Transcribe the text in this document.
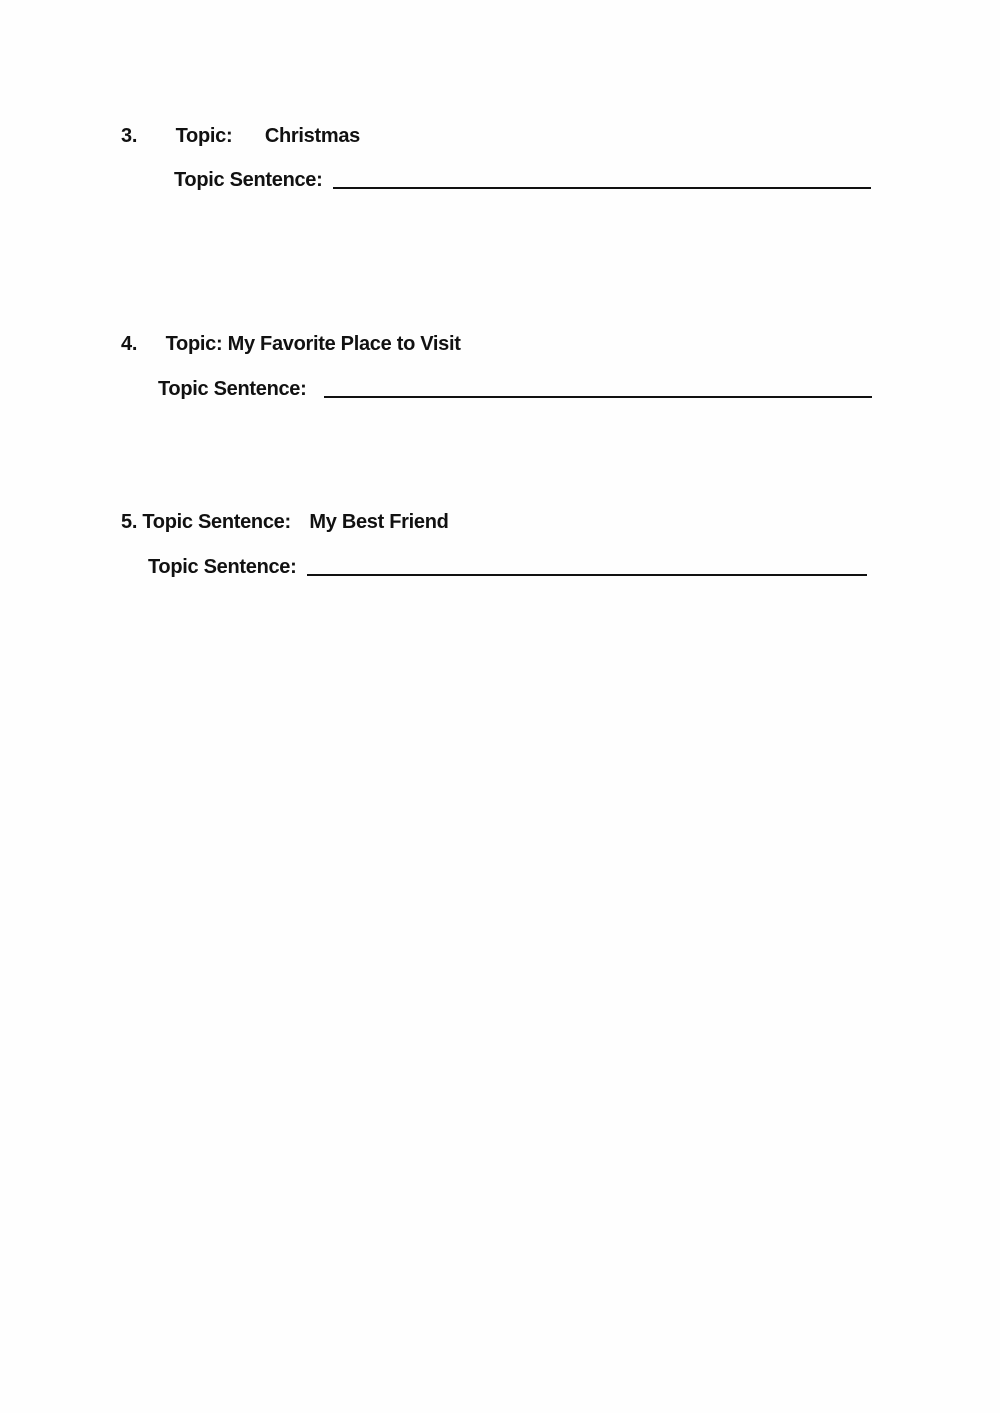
3. Topic: Christmas
Topic Sentence:
4. Topic: My Favorite Place to Visit
Topic Sentence:
5. Topic Sentence: My Best Friend
Topic Sentence:
